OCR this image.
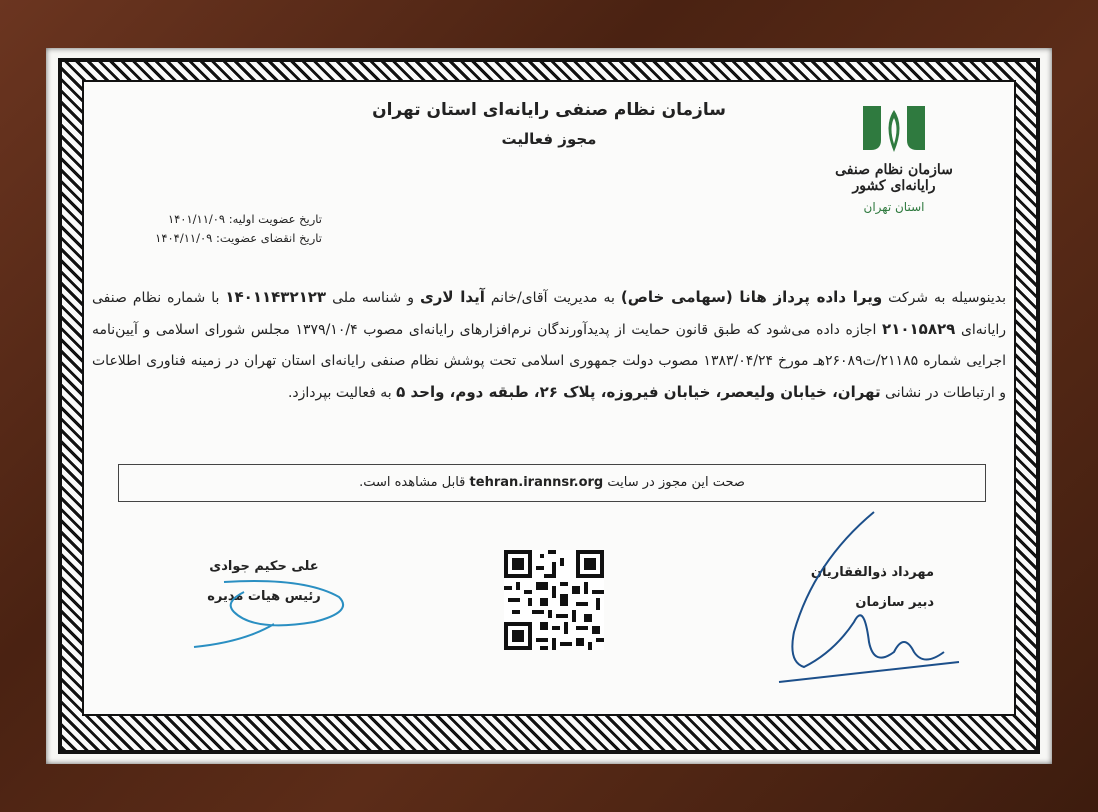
سازمان نظام صنفی رایانه‌ای استان تهران
مجوز فعالیت
سازمان نظام صنفی رایانه‌ای کشور
استان تهران
تاریخ عضویت اولیه: ۱۴۰۱/۱۱/۰۹
تاریخ انقضای عضویت: ۱۴۰۴/۱۱/۰۹
بدینوسیله به شرکت ویرا داده پرداز هانا (سهامی خاص) به مدیریت آقای/خانم آیدا لاری و شناسه ملی ۱۴۰۱۱۴۳۲۱۲۳ با شماره نظام صنفی رایانه‌ای ۲۱۰۱۵۸۲۹ اجازه داده می‌شود که طبق قانون حمایت از پدیدآورندگان نرم‌افزارهای رایانه‌ای مصوب ۱۳۷۹/۱۰/۴ مجلس شورای اسلامی و آیین‌نامه اجرایی شماره ۲۱۱۸۵/ت۲۶۰۸۹هـ مورخ ۱۳۸۳/۰۴/۲۴ مصوب دولت جمهوری اسلامی تحت پوشش نظام صنفی رایانه‌ای استان تهران در زمینه فناوری اطلاعات و ارتباطات در نشانی تهران، خیابان ولیعصر، خیابان فیروزه، پلاک ۲۶، طبقه دوم، واحد ۵ به فعالیت بپردازد.
صحت این مجوز در سایت tehran.irannsr.org قابل مشاهده است.
مهرداد ذوالفقاریان
دبیر سازمان
علی حکیم جوادی
رئیس هیات مدیره
